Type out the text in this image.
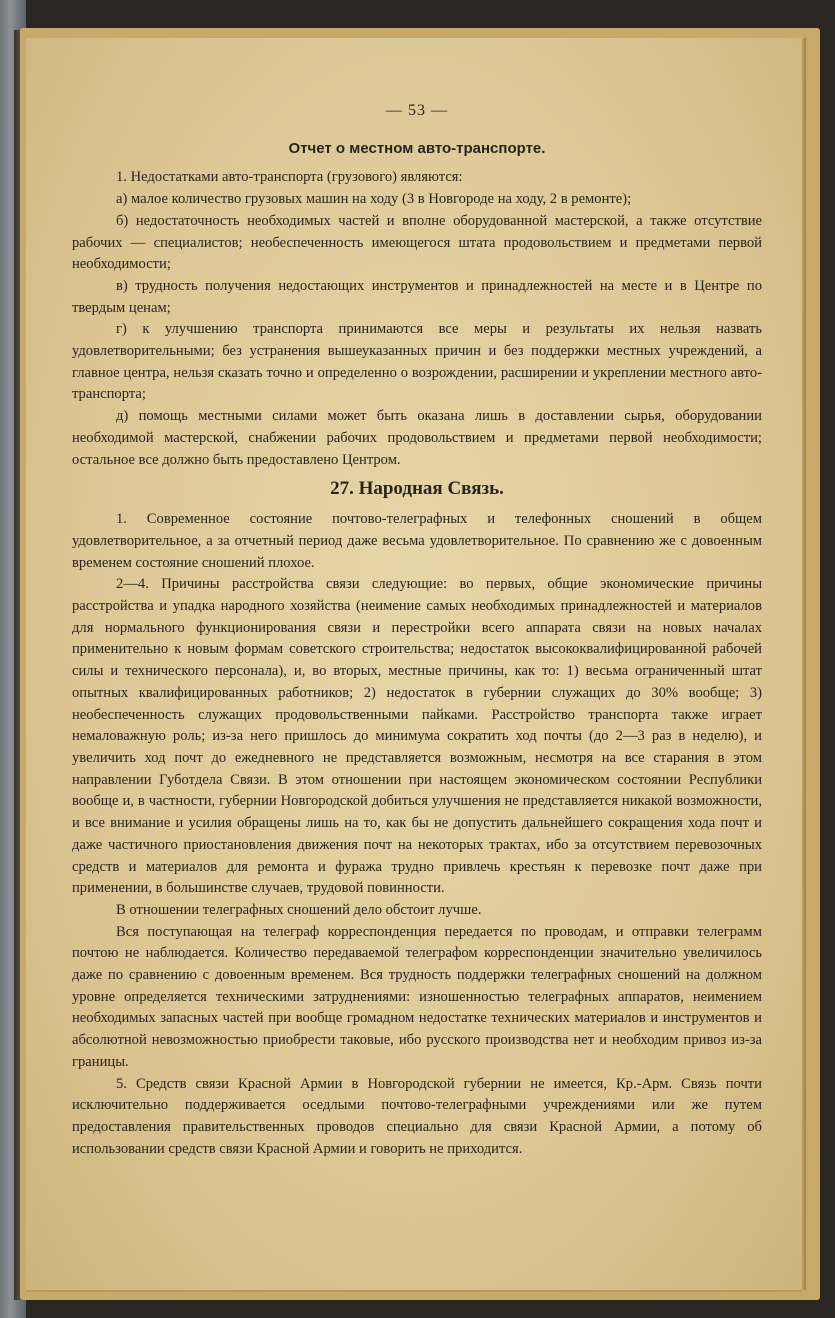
— 53 —
Отчет о местном авто-транспорте.

1. Недостатками авто-транспорта (грузового) являются:

а) малое количество грузовых машин на ходу (3 в Новгороде на ходу, 2 в ремонте);

б) недостаточность необходимых частей и вполне оборудованной мастерской, а также отсутствие рабочих — специалистов; необеспеченность имеющегося штата продовольствием и предметами первой необходимости;

в) трудность получения недостающих инструментов и принадлежностей на месте и в Центре по твердым ценам;

г) к улучшению транспорта принимаются все меры и результаты их нельзя назвать удовлетворительными; без устранения вышеуказанных причин и без поддержки местных учреждений, а главное центра, нельзя сказать точно и определенно о возрождении, расширении и укреплении местного авто-транспорта;

д) помощь местными силами может быть оказана лишь в доставлении сырья, оборудовании необходимой мастерской, снабжении рабочих продовольствием и предметами первой необходимости; остальное все должно быть предоставлено Центром.

27. Народная Связь.

1. Современное состояние почтово-телеграфных и телефонных сношений в общем удовлетворительное, а за отчетный период даже весьма удовлетворительное. По сравнению же с довоенным временем состояние сношений плохое.

2—4. Причины расстройства связи следующие: во первых, общие экономические причины расстройства и упадка народного хозяйства (неимение самых необходимых принадлежностей и материалов для нормального функционирования связи и перестройки всего аппарата связи на новых началах применительно к новым формам советского строительства; недостаток высококвалифицированной рабочей силы и технического персонала), и, во вторых, местные причины, как то: 1) весьма ограниченный штат опытных квалифицированных работников; 2) недостаток в губернии служащих до 30% вообще; 3) необеспеченность служащих продовольственными пайками. Расстройство транспорта также играет немаловажную роль; из-за него пришлось до минимума сократить ход почты (до 2—3 раз в неделю), и увеличить ход почт до ежедневного не представляется возможным, несмотря на все старания в этом направлении Губотдела Связи. В этом отношении при настоящем экономическом состоянии Республики вообще и, в частности, губернии Новгородской добиться улучшения не представляется никакой возможности, и все внимание и усилия обращены лишь на то, как бы не допустить дальнейшего сокращения хода почт и даже частичного приостановления движения почт на некоторых трактах, ибо за отсутствием перевозочных средств и материалов для ремонта и фуража трудно привлечь крестьян к перевозке почт даже при применении, в большинстве случаев, трудовой повинности.

В отношении телеграфных сношений дело обстоит лучше.

Вся поступающая на телеграф корреспонденция передается по проводам, и отправки телеграмм почтою не наблюдается. Количество передаваемой телеграфом корреспонденции значительно увеличилось даже по сравнению с довоенным временем. Вся трудность поддержки телеграфных сношений на должном уровне определяется техническими затруднениями: изношенностью телеграфных аппаратов, неимением необходимых запасных частей при вообще громадном недостатке технических материалов и инструментов и абсолютной невозможностью приобрести таковые, ибо русского производства нет и необходим привоз из-за границы.

5. Средств связи Красной Армии в Новгородской губернии не имеется, Кр.-Арм. Связь почти исключительно поддерживается оседлыми почтово-телеграфными учреждениями или же путем предоставления правительственных проводов специально для связи Красной Армии, а потому об использовании средств связи Красной Армии и говорить не приходится.
